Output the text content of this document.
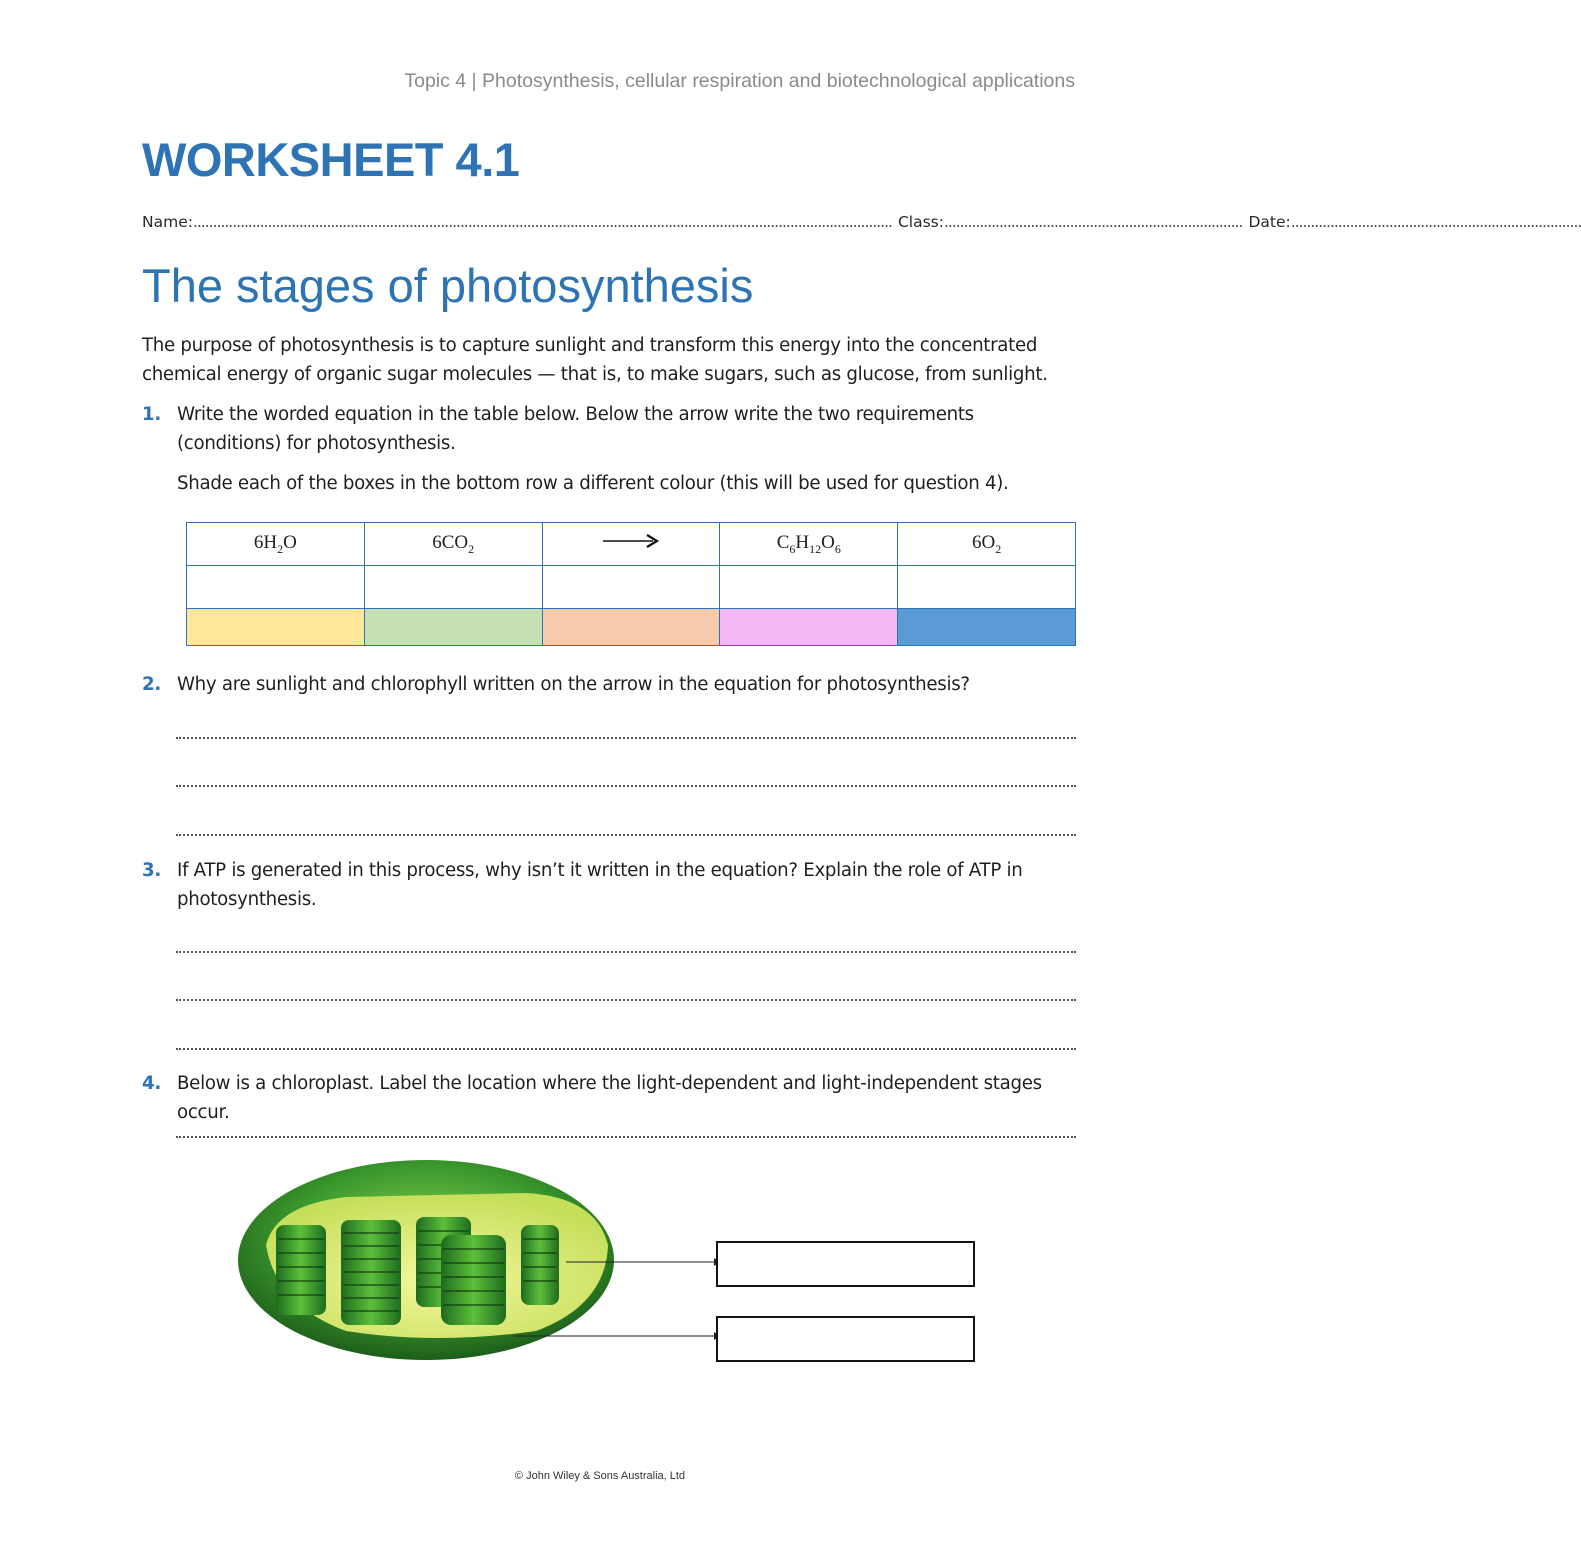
Topic 4 | Photosynthesis, cellular respiration and biotechnological applications
WORKSHEET 4.1
Name: .................................................................................................................................................................................. Class: ............................................................................ Date: ..........................................................................
The stages of photosynthesis
The purpose of photosynthesis is to capture sunlight and transform this energy into the concentrated chemical energy of organic sugar molecules — that is, to make sugars, such as glucose, from sunlight.
1. Write the worded equation in the table below. Below the arrow write the two requirements (conditions) for photosynthesis.
Shade each of the boxes in the bottom row a different colour (this will be used for question 4).
$6H_2O$	$6CO_2$		$C_6H_{12}O_6$	$6O_2$

2. Why are sunlight and chlorophyll written on the arrow in the equation for photosynthesis?
3. If ATP is generated in this process, why isn’t it written in the equation? Explain the role of ATP in photosynthesis.
4. Below is a chloroplast. Label the location where the light-dependent and light-independent stages occur.
© John Wiley & Sons Australia, Ltd
